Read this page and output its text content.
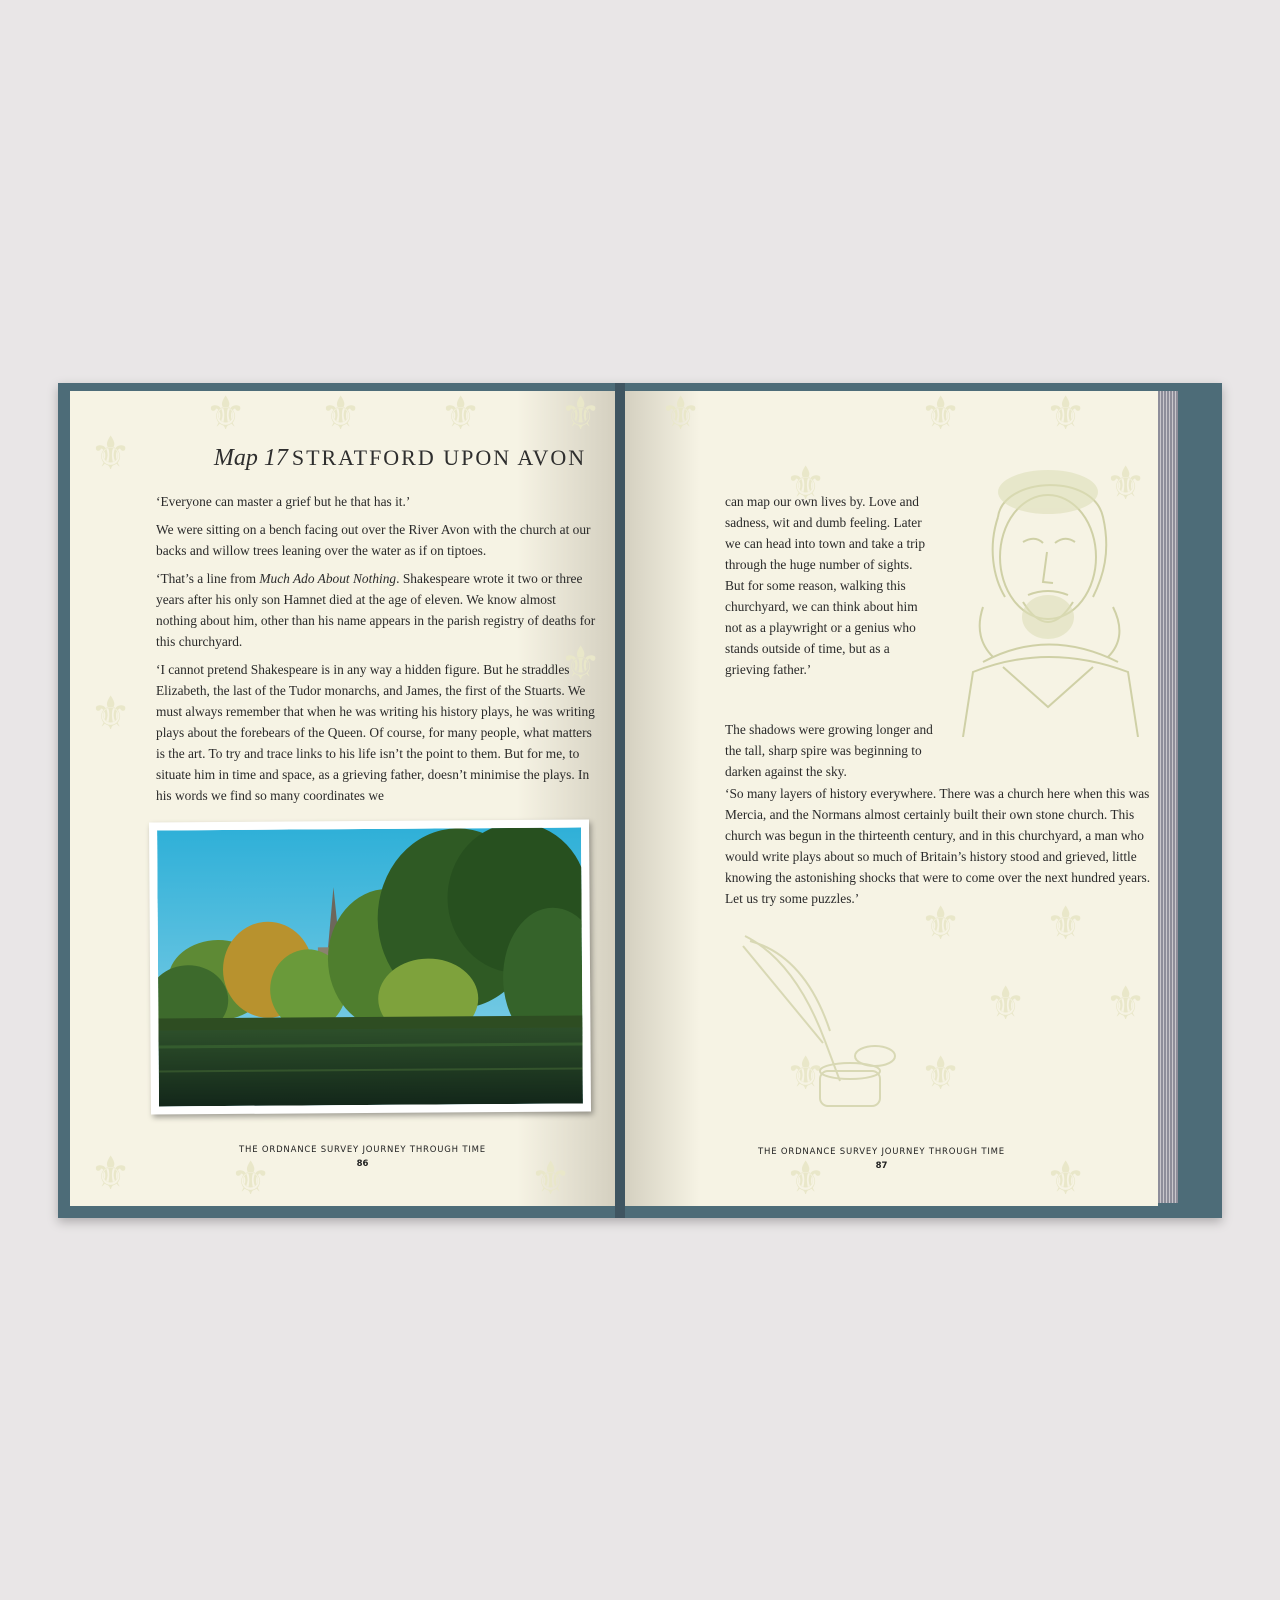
⚜
⚜
⚜
⚜ ⚜ ⚜ ⚜
⚜
⚜	⚜
Map 17 STRATFORD UPON AVON

‘Everyone can master a grief but he that has it.’

We were sitting on a bench facing out over the River Avon with the church at our backs and willow trees leaning over the water as if on tiptoes.

‘That’s a line from Much Ado About Nothing. Shakespeare wrote it two or three years after his only son Hamnet died at the age of eleven. We know almost nothing about him, other than his name appears in the parish registry of deaths for this churchyard.

‘I cannot pretend Shakespeare is in any way a hidden figure. But he straddles Elizabeth, the last of the Tudor monarchs, and James, the first of the Stuarts. We must always remember that when he was writing his history plays, he was writing plays about the forebears of the Queen. Of course, for many people, what matters is the art. To try and trace links to his life isn’t the point to them. But for me, to situate him in time and space, as a grieving father, doesn’t minimise the plays. In his words we find so many coordinates we

THE ORDNANCE SURVEY JOURNEY THROUGH TIME
86
⚜
⚜
⚜ ⚜
⚜
⚜
⚜ ⚜
⚜ ⚜
⚜
⚜	⚜

can map our own lives by. Love and sadness, wit and dumb feeling. Later we can head into town and take a trip through the huge number of sights. But for some reason, walking this churchyard, we can think about him not as a playwright or a genius who stands outside of time, but as a grieving father.’

The shadows were growing longer and the tall, sharp spire was beginning to darken against the sky.

‘So many layers of history everywhere. There was a church here when this was Mercia, and the Normans almost certainly built their own stone church. This church was begun in the thirteenth century, and in this churchyard, a man who would write plays about so much of Britain’s history stood and grieved, little knowing the astonishing shocks that were to come over the next hundred years. Let us try some puzzles.’

THE ORDNANCE SURVEY JOURNEY THROUGH TIME
87
